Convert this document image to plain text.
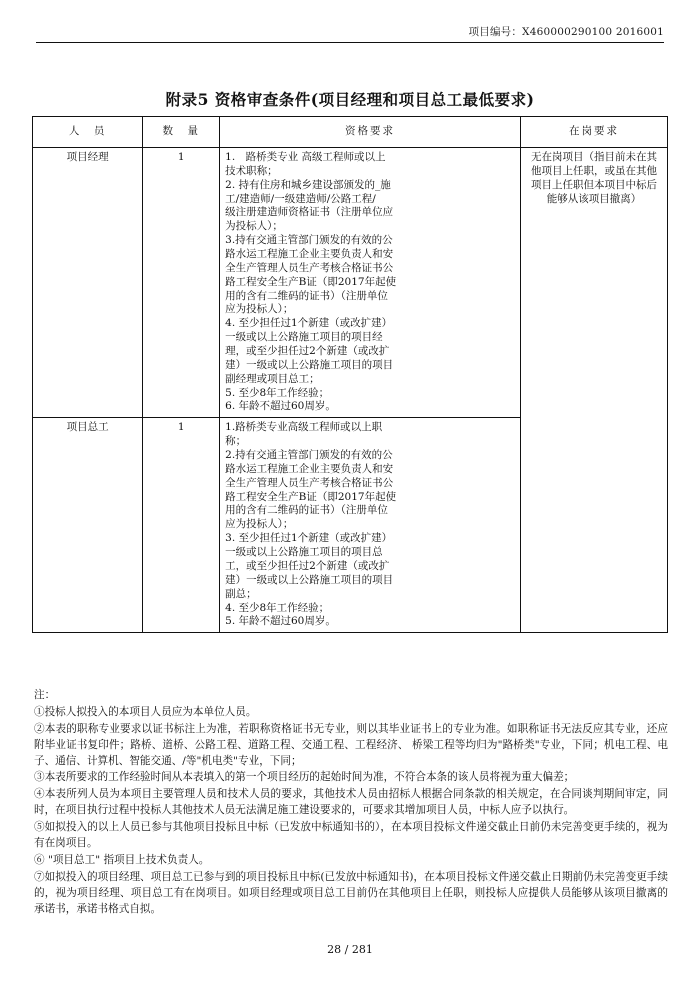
项目编号：X460000290100 2016001
附录5 资格审查条件(项目经理和项目总工最低要求)
人　员	数　量	资格要求	在岗要求
项目经理	1	1.　路桥类专业 高级工程师或以上

技术职称；

2. 持有住房和城乡建设部颁发的_施

工/建造师/一级建造师/公路工程/

级注册建造师资格证书（注册单位应

为投标人）；

3.持有交通主管部门颁发的有效的公

路水运工程施工企业主要负责人和安

全生产管理人员生产考核合格证书公

路工程安全生产B证（即2017年起使

用的含有二维码的证书）（注册单位

应为投标人）；

4. 至少担任过1个新建（或改扩建）

一级或以上公路施工项目的项目经

理，或至少担任过2个新建（或改扩

建）一级或以上公路施工项目的项目

副经理或项目总工；

5. 至少8年工作经验；

6. 年龄不超过60周岁。

	无在岗项目（指目前未在其他项目上任职，或虽在其他项目上任职但本项目中标后能够从该项目撤离）
项目总工	1	1.路桥类专业高级工程师或以上职

称；

2.持有交通主管部门颁发的有效的公

路水运工程施工企业主要负责人和安

全生产管理人员生产考核合格证书公

路工程安全生产B证（即2017年起使

用的含有二维码的证书）（注册单位

应为投标人）；

3. 至少担任过1个新建（或改扩建）

一级或以上公路施工项目的项目总

工，或至少担任过2个新建（或改扩

建）一级或以上公路施工项目的项目

副总；

4. 至少8年工作经验；

5. 年龄不超过60周岁。

注：

①投标人拟投入的本项目人员应为本单位人员。

②本表的职称专业要求以证书标注上为准，若职称资格证书无专业，则以其毕业证书上的专业为准。如职称证书无法反应其专业，还应附毕业证书复印件；路桥、道桥、公路工程、道路工程、交通工程、工程经济、 桥梁工程等均归为"路桥类"专业，下同；机电工程、电子、通信、计算机、智能交通、/等"机电类"专业，下同；

③本表所要求的工作经验时间从本表填入的第一个项目经历的起始时间为准，不符合本条的该人员将视为重大偏差；

④本表所列人员为本项目主要管理人员和技术人员的要求，其他技术人员由招标人根据合同条款的相关规定，在合同谈判期间审定，同时，在项目执行过程中投标人其他技术人员无法满足施工建设要求的，可要求其增加项目人员，中标人应予以执行。

⑤如拟投入的以上人员已参与其他项目投标且中标（已发放中标通知书的），在本项目投标文件递交截止日前仍未完善变更手续的，视为有在岗项目。

⑥ "项目总工" 指项目上技术负责人。

⑦如拟投入的项目经理、项目总工已参与到的项目投标且中标(已发放中标通知书)，在本项目投标文件递交截止日期前仍未完善变更手续的，视为项目经理、项目总工有在岗项目。如项目经理或项目总工目前仍在其他项目上任职，则投标人应提供人员能够从该项目撤离的承诺书，承诺书格式自拟。

28 / 281
